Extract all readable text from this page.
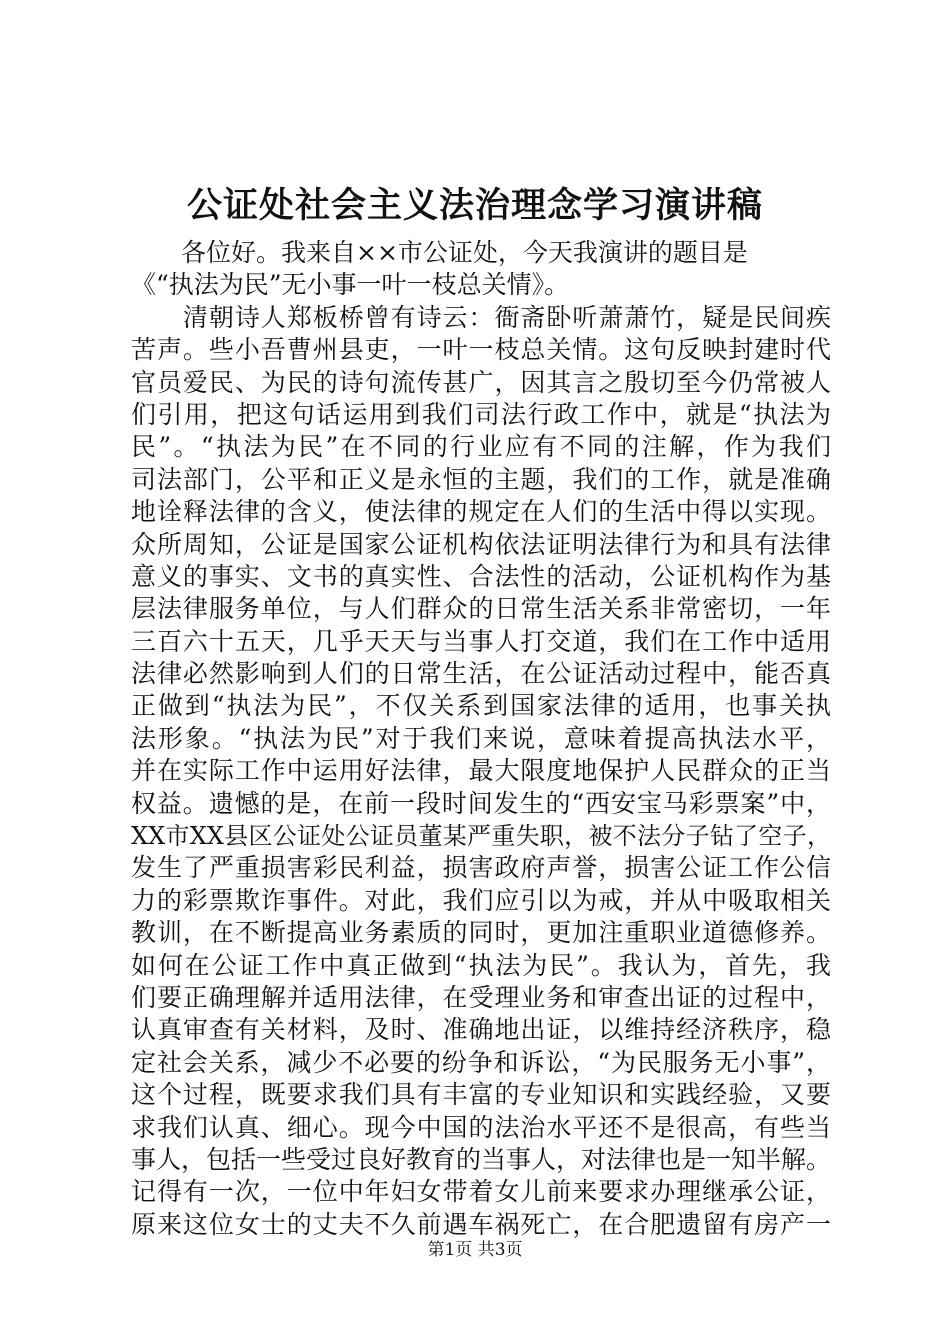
公证处社会主义法治理念学习演讲稿
　　各位好。我来自××市公证处，今天我演讲的题目是
《“执法为民”无小事一叶一枝总关情》。
　　清朝诗人郑板桥曾有诗云：衙斋卧听萧萧竹，疑是民间疾
苦声。些小吾曹州县吏，一叶一枝总关情。这句反映封建时代
官员爱民、为民的诗句流传甚广，因其言之殷切至今仍常被人
们引用，把这句话运用到我们司法行政工作中，就是“执法为
民”。“执法为民”在不同的行业应有不同的注解，作为我们
司法部门，公平和正义是永恒的主题，我们的工作，就是准确
地诠释法律的含义，使法律的规定在人们的生活中得以实现。
众所周知，公证是国家公证机构依法证明法律行为和具有法律
意义的事实、文书的真实性、合法性的活动，公证机构作为基
层法律服务单位，与人们群众的日常生活关系非常密切，一年
三百六十五天，几乎天天与当事人打交道，我们在工作中适用
法律必然影响到人们的日常生活，在公证活动过程中，能否真
正做到“执法为民”，不仅关系到国家法律的适用，也事关执
法形象。“执法为民”对于我们来说，意味着提高执法水平，
并在实际工作中运用好法律，最大限度地保护人民群众的正当
权益。遗憾的是，在前一段时间发生的“西安宝马彩票案”中，
XX市XX县区公证处公证员董某严重失职，被不法分子钻了空子，
发生了严重损害彩民利益，损害政府声誉，损害公证工作公信
力的彩票欺诈事件。对此，我们应引以为戒，并从中吸取相关
教训，在不断提高业务素质的同时，更加注重职业道德修养。
如何在公证工作中真正做到“执法为民”。我认为，首先，我
们要正确理解并适用法律，在受理业务和审查出证的过程中，
认真审查有关材料，及时、准确地出证，以维持经济秩序，稳
定社会关系，减少不必要的纷争和诉讼，“为民服务无小事”，
这个过程，既要求我们具有丰富的专业知识和实践经验，又要
求我们认真、细心。现今中国的法治水平还不是很高，有些当
事人，包括一些受过良好教育的当事人，对法律也是一知半解。
记得有一次，一位中年妇女带着女儿前来要求办理继承公证，
原来这位女士的丈夫不久前遇车祸死亡，在合肥遗留有房产一
第1页 共3页
